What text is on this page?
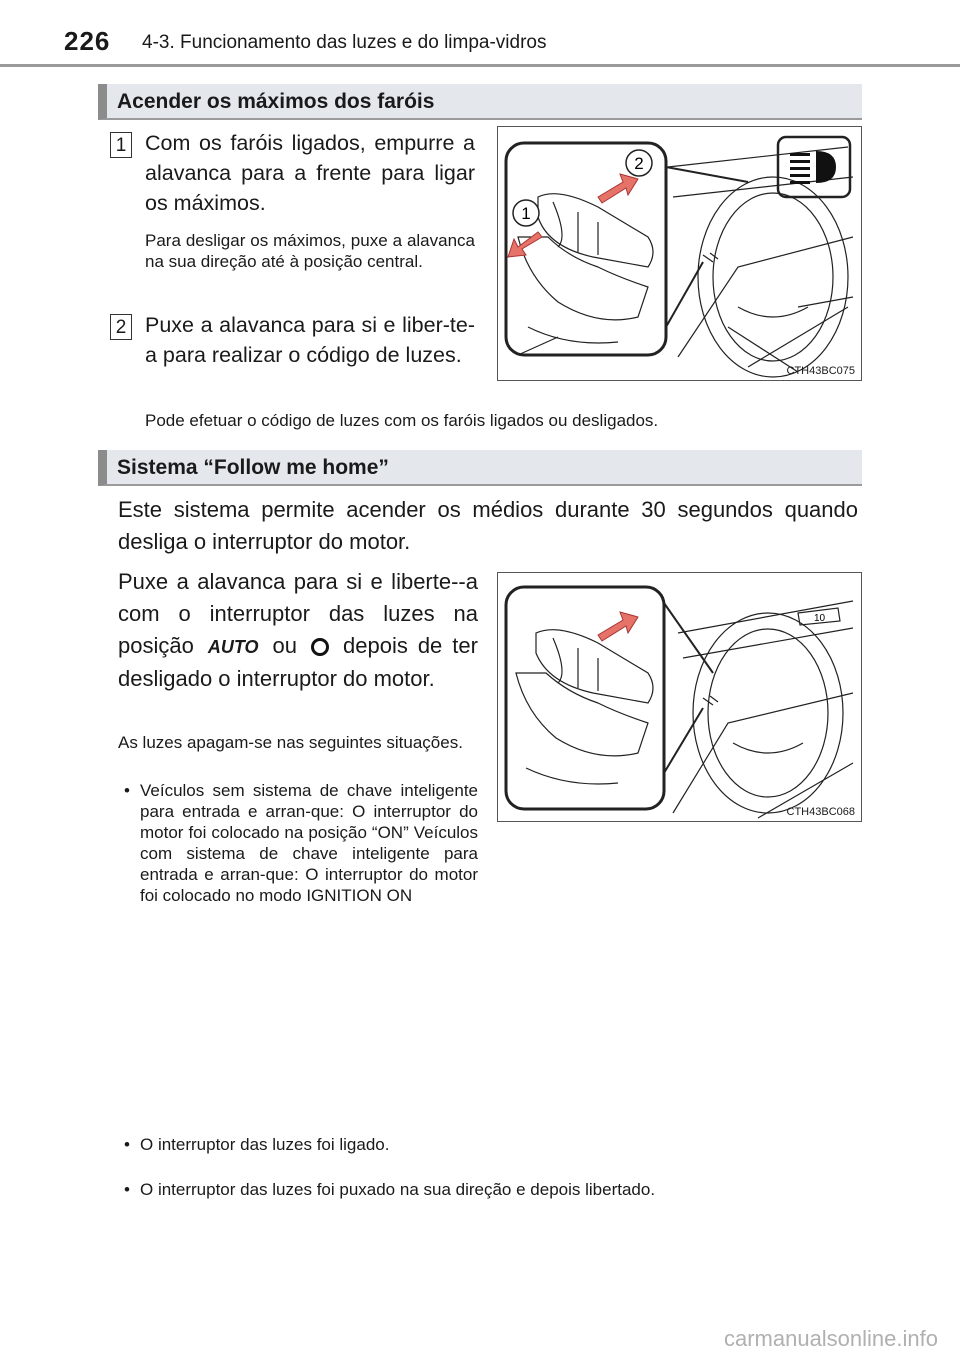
226 4-3. Funcionamento das luzes e do limpa-vidros
Acender os máximos dos faróis
1 Com os faróis ligados, empurre a alavanca para a frente para ligar os máximos.
Para desligar os máximos, puxe a alavanca na sua direção até à posição central.
2 Puxe a alavanca para si e liber-te-a para realizar o código de luzes.
Pode efetuar o código de luzes com os faróis ligados ou desligados.
2
1
CTH43BC075
Sistema “Follow me home”
Este sistema permite acender os médios durante 30 segundos quando desliga o interruptor do motor.
Puxe a alavanca para si e liberte--a com o interruptor das luzes na posição AUTO ou depois de ter desligado o interruptor do motor.
As luzes apagam-se nas seguintes situações.
• Veículos sem sistema de chave inteligente para entrada e arran-que: O interruptor do motor foi colocado na posição “ON” Veículos com sistema de chave inteligente para entrada e arran-que: O interruptor do motor foi colocado no modo IGNITION ON
• O interruptor das luzes foi ligado.
• O interruptor das luzes foi puxado na sua direção e depois libertado.
10
CTH43BC068
carmanualsonline.info
